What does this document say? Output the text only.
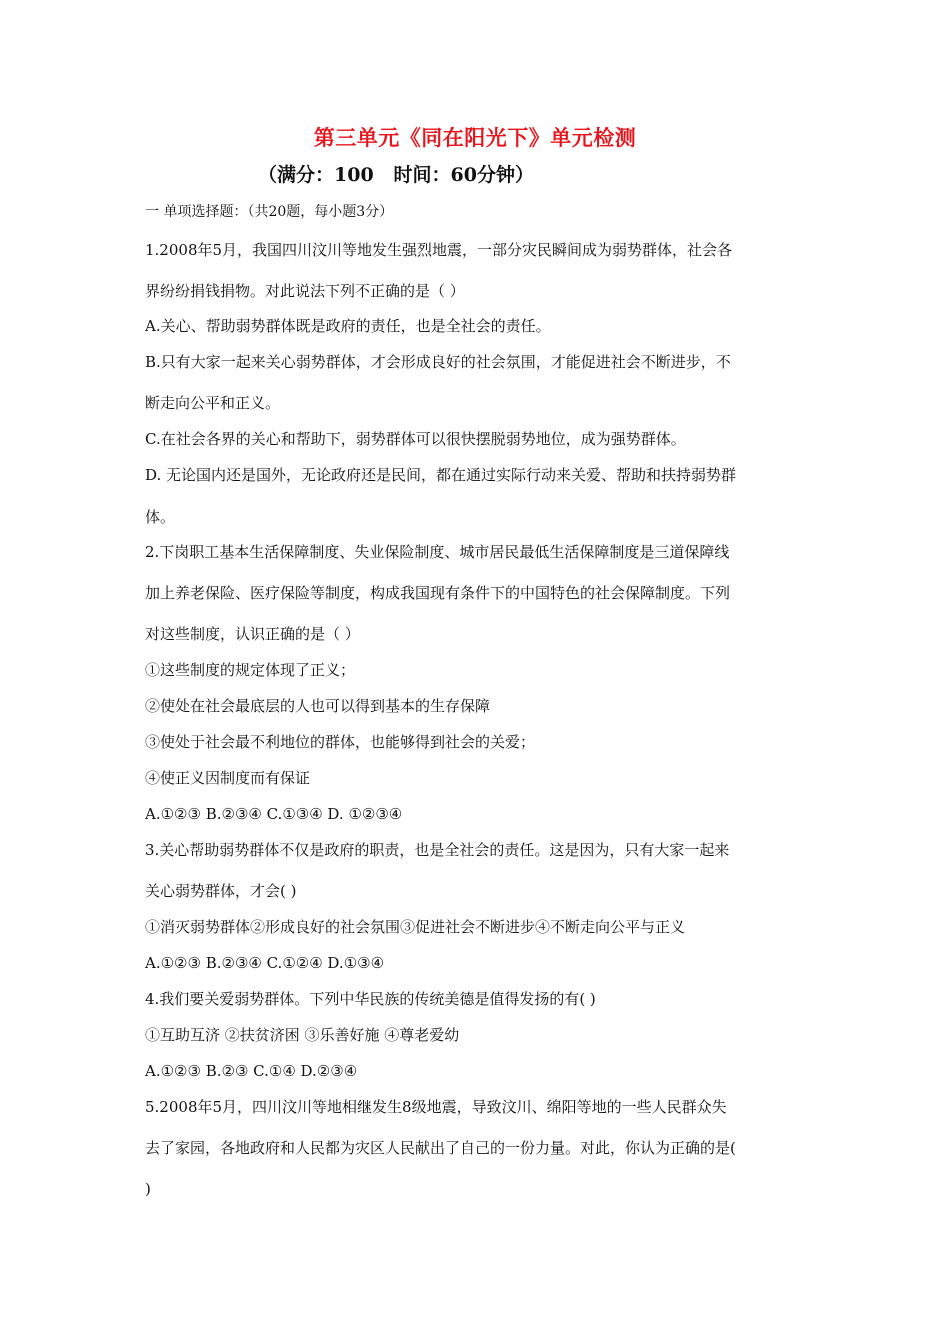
第三单元《同在阳光下》单元检测
（满分：100   时间：60分钟）
一 单项选择题：（共20题，每小题3分）
1.2008年5月，我国四川汶川等地发生强烈地震，一部分灾民瞬间成为弱势群体，社会各
界纷纷捐钱捐物。对此说法下列不正确的是（ ）
A.关心、帮助弱势群体既是政府的责任，也是全社会的责任。
B.只有大家一起来关心弱势群体，才会形成良好的社会氛围，才能促进社会不断进步，不
断走向公平和正义。
C.在社会各界的关心和帮助下，弱势群体可以很快摆脱弱势地位，成为强势群体。
D. 无论国内还是国外，无论政府还是民间，都在通过实际行动来关爱、帮助和扶持弱势群
体。
2.下岗职工基本生活保障制度、失业保险制度、城市居民最低生活保障制度是三道保障线
加上养老保险、医疗保险等制度，构成我国现有条件下的中国特色的社会保障制度。下列
对这些制度，认识正确的是（ ）
①这些制度的规定体现了正义；
②使处在社会最底层的人也可以得到基本的生存保障
③使处于社会最不利地位的群体，也能够得到社会的关爱；
④使正义因制度而有保证
A.①②③ B.②③④ C.①③④ D. ①②③④
3.关心帮助弱势群体不仅是政府的职责，也是全社会的责任。这是因为，只有大家一起来
关心弱势群体，才会( )
①消灭弱势群体②形成良好的社会氛围③促进社会不断进步④不断走向公平与正义
A.①②③ B.②③④ C.①②④ D.①③④
4.我们要关爱弱势群体。下列中华民族的传统美德是值得发扬的有( )
①互助互济 ②扶贫济困 ③乐善好施 ④尊老爱幼
A.①②③ B.②③ C.①④ D.②③④
5.2008年5月，四川汶川等地相继发生8级地震，导致汶川、绵阳等地的一些人民群众失
去了家园，各地政府和人民都为灾区人民献出了自己的一份力量。对此，你认为正确的是(
)
